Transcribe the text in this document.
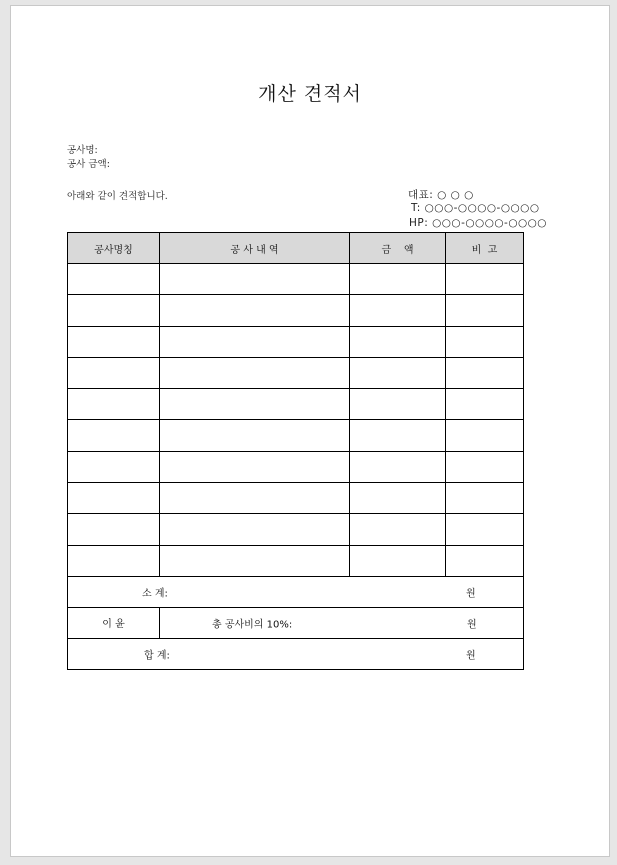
개산 견적서
공사명:
공사 금액:
아래와 같이 견적합니다.	대표: ○ ○ ○
T: ○○○-○○○○-○○○○
HP: ○○○-○○○○-○○○○
공사명칭	공 사 내 역	금    액	비  고

소 계: 원			

이 윤	총 공사비의 10%: 원		

합 계: 원			
